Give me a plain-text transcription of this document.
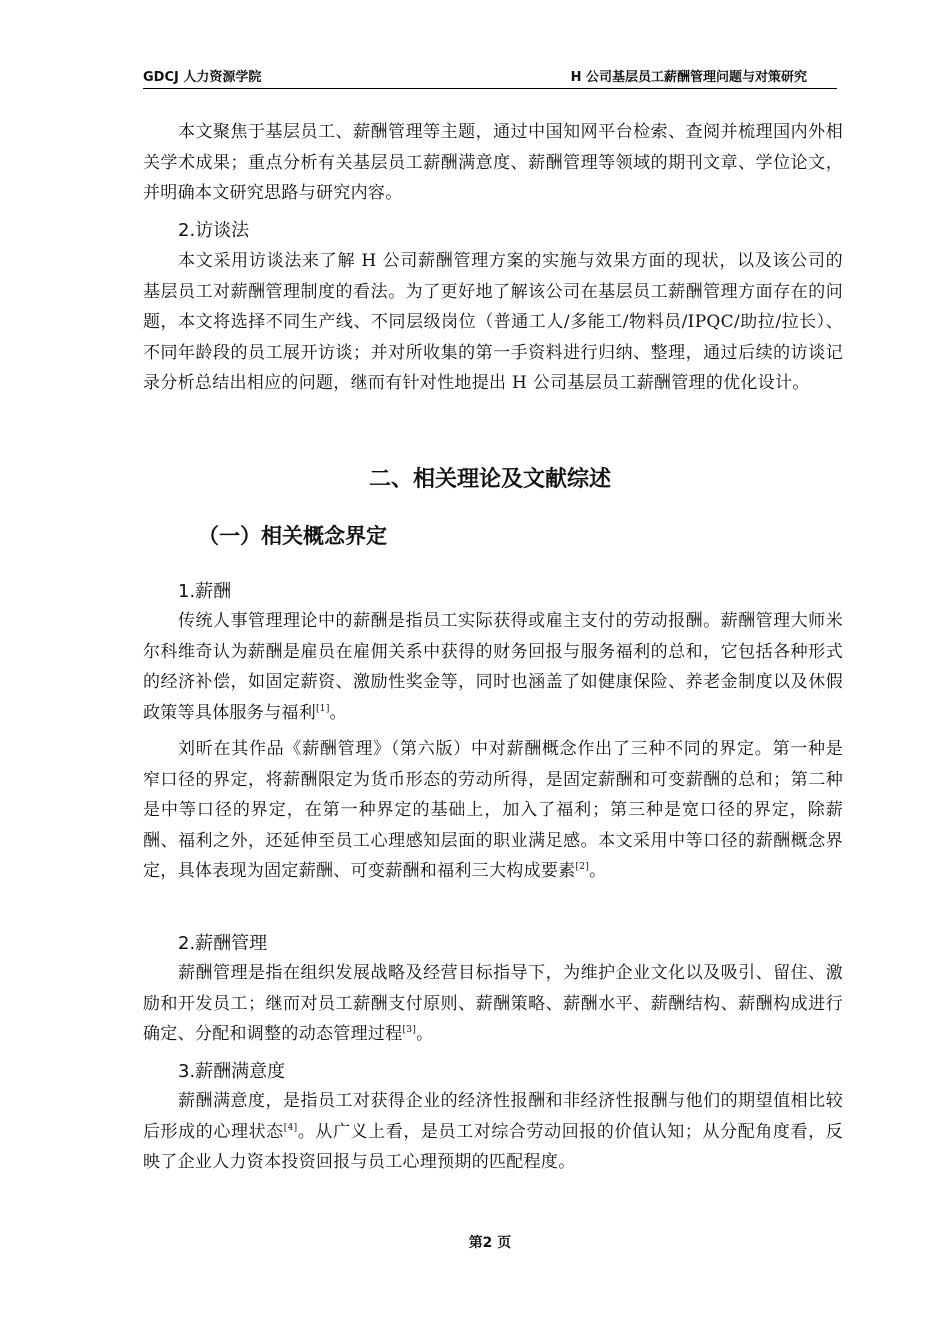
GDCJ 人力资源学院	H 公司基层员工薪酬管理问题与对策研究

本文聚焦于基层员工、薪酬管理等主题，通过中国知网平台检索、查阅并梳理国内外相关学术成果；重点分析有关基层员工薪酬满意度、薪酬管理等领域的期刊文章、学位论文，并明确本文研究思路与研究内容。

2.访谈法

本文采用访谈法来了解 H 公司薪酬管理方案的实施与效果方面的现状，以及该公司的基层员工对薪酬管理制度的看法。为了更好地了解该公司在基层员工薪酬管理方面存在的问题，本文将选择不同生产线、不同层级岗位（普通工人/多能工/物料员/IPQC/助拉/拉长）、不同年龄段的员工展开访谈；并对所收集的第一手资料进行归纳、整理，通过后续的访谈记录分析总结出相应的问题，继而有针对性地提出 H 公司基层员工薪酬管理的优化设计。

二、相关理论及文献综述
（一）相关概念界定

1.薪酬

传统人事管理理论中的薪酬是指员工实际获得或雇主支付的劳动报酬。薪酬管理大师米尔科维奇认为薪酬是雇员在雇佣关系中获得的财务回报与服务福利的总和，它包括各种形式的经济补偿，如固定薪资、激励性奖金等，同时也涵盖了如健康保险、养老金制度以及休假政策等具体服务与福利[1]。

刘昕在其作品《薪酬管理》（第六版）中对薪酬概念作出了三种不同的界定。第一种是窄口径的界定，将薪酬限定为货币形态的劳动所得，是固定薪酬和可变薪酬的总和；第二种是中等口径的界定，在第一种界定的基础上，加入了福利；第三种是宽口径的界定，除薪酬、福利之外，还延伸至员工心理感知层面的职业满足感。本文采用中等口径的薪酬概念界定，具体表现为固定薪酬、可变薪酬和福利三大构成要素[2]。

2.薪酬管理

薪酬管理是指在组织发展战略及经营目标指导下，为维护企业文化以及吸引、留住、激励和开发员工；继而对员工薪酬支付原则、薪酬策略、薪酬水平、薪酬结构、薪酬构成进行确定、分配和调整的动态管理过程[3]。

3.薪酬满意度

薪酬满意度，是指员工对获得企业的经济性报酬和非经济性报酬与他们的期望值相比较后形成的心理状态[4]。从广义上看，是员工对综合劳动回报的价值认知；从分配角度看，反映了企业人力资本投资回报与员工心理预期的匹配程度。

第2 页
